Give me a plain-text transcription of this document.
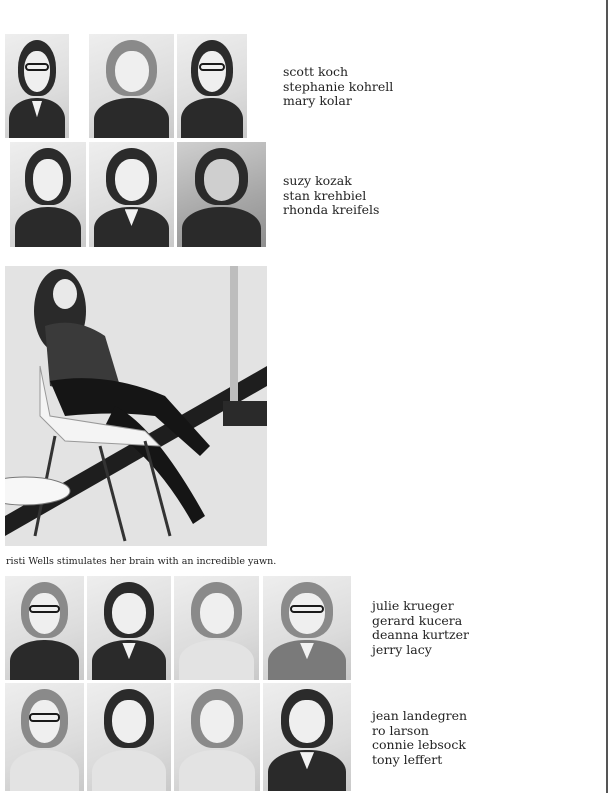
scott koch
stephanie kohrell
mary kolar
suzy kozak
stan krehbiel
rhonda kreifels
risti Wells stimulates her brain with an incredible yawn.
julie krueger
gerard kucera
deanna kurtzer
jerry lacy
jean landegren
ro larson
connie lebsock
tony leffert
